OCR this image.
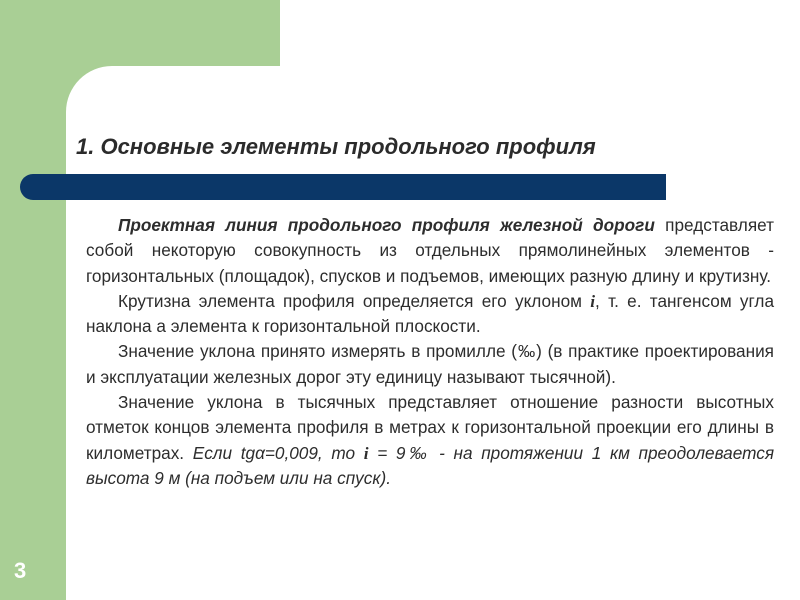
1. Основные элементы продольного профиля

Проектная линия продольного профиля железной дороги представляет собой некоторую совокупность из отдельных прямолинейных элементов - горизонтальных (площадок), спусков и подъемов, имеющих разную длину и крутизну.

Крутизна элемента профиля определяется его уклоном i, т. е. тангенсом угла наклона а элемента к горизонтальной плоскости.

Значение уклона принято измерять в промилле (‰) (в практике проектирования и эксплуатации железных дорог эту единицу называют тысячной).

Значение уклона в тысячных представляет отношение разности высотных отметок концов элемента профиля в метрах к горизонтальной проекции его длины в километрах. Если tgα=0,009, то i = 9‰ - на протяжении 1 км преодолевается высота 9 м (на подъем или на спуск).

3
